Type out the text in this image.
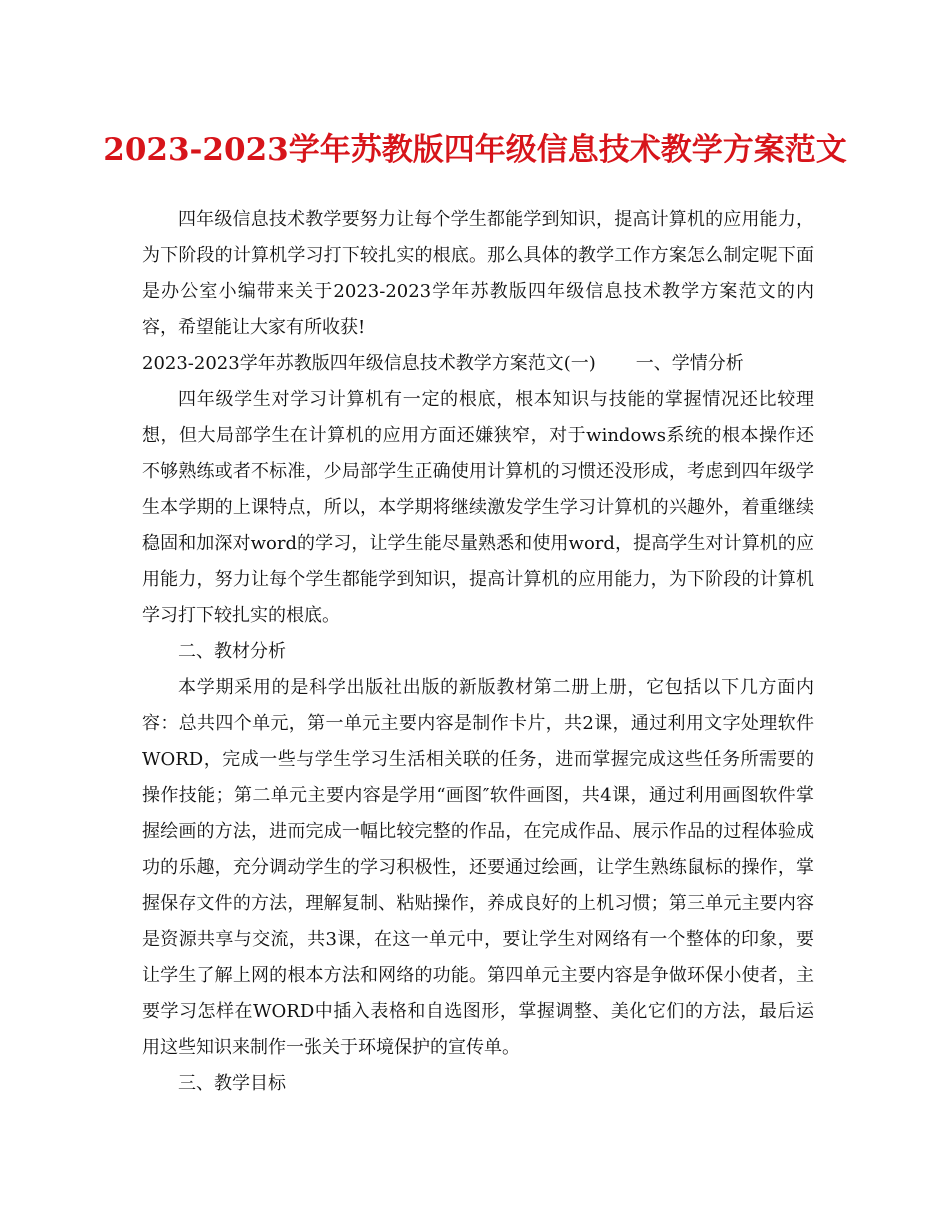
2023-2023学年苏教版四年级信息技术教学方案范文

四年级信息技术教学要努力让每个学生都能学到知识，提高计算机的应用能力，为下阶段的计算机学习打下较扎实的根底。那么具体的教学工作方案怎么制定呢下面是办公室小编带来关于2023-2023学年苏教版四年级信息技术教学方案范文的内容，希望能让大家有所收获!

2023-2023学年苏教版四年级信息技术教学方案范文(一) 一、学情分析

四年级学生对学习计算机有一定的根底，根本知识与技能的掌握情况还比较理想，但大局部学生在计算机的应用方面还嫌狭窄，对于windows系统的根本操作还不够熟练或者不标准，少局部学生正确使用计算机的习惯还没形成，考虑到四年级学生本学期的上课特点，所以，本学期将继续激发学生学习计算机的兴趣外，着重继续稳固和加深对word的学习，让学生能尽量熟悉和使用word，提高学生对计算机的应用能力，努力让每个学生都能学到知识，提高计算机的应用能力，为下阶段的计算机学习打下较扎实的根底。

二、教材分析

本学期采用的是科学出版社出版的新版教材第二册上册，它包括以下几方面内容：总共四个单元，第一单元主要内容是制作卡片，共2课，通过利用文字处理软件WORD，完成一些与学生学习生活相关联的任务，进而掌握完成这些任务所需要的操作技能；第二单元主要内容是学用“画图″软件画图，共4课，通过利用画图软件掌握绘画的方法，进而完成一幅比较完整的作品，在完成作品、展示作品的过程体验成功的乐趣，充分调动学生的学习积极性，还要通过绘画，让学生熟练鼠标的操作，掌握保存文件的方法，理解复制、粘贴操作，养成良好的上机习惯；第三单元主要内容是资源共享与交流，共3课，在这一单元中，要让学生对网络有一个整体的印象，要让学生了解上网的根本方法和网络的功能。第四单元主要内容是争做环保小使者，主要学习怎样在WORD中插入表格和自选图形，掌握调整、美化它们的方法，最后运用这些知识来制作一张关于环境保护的宣传单。

三、教学目标
